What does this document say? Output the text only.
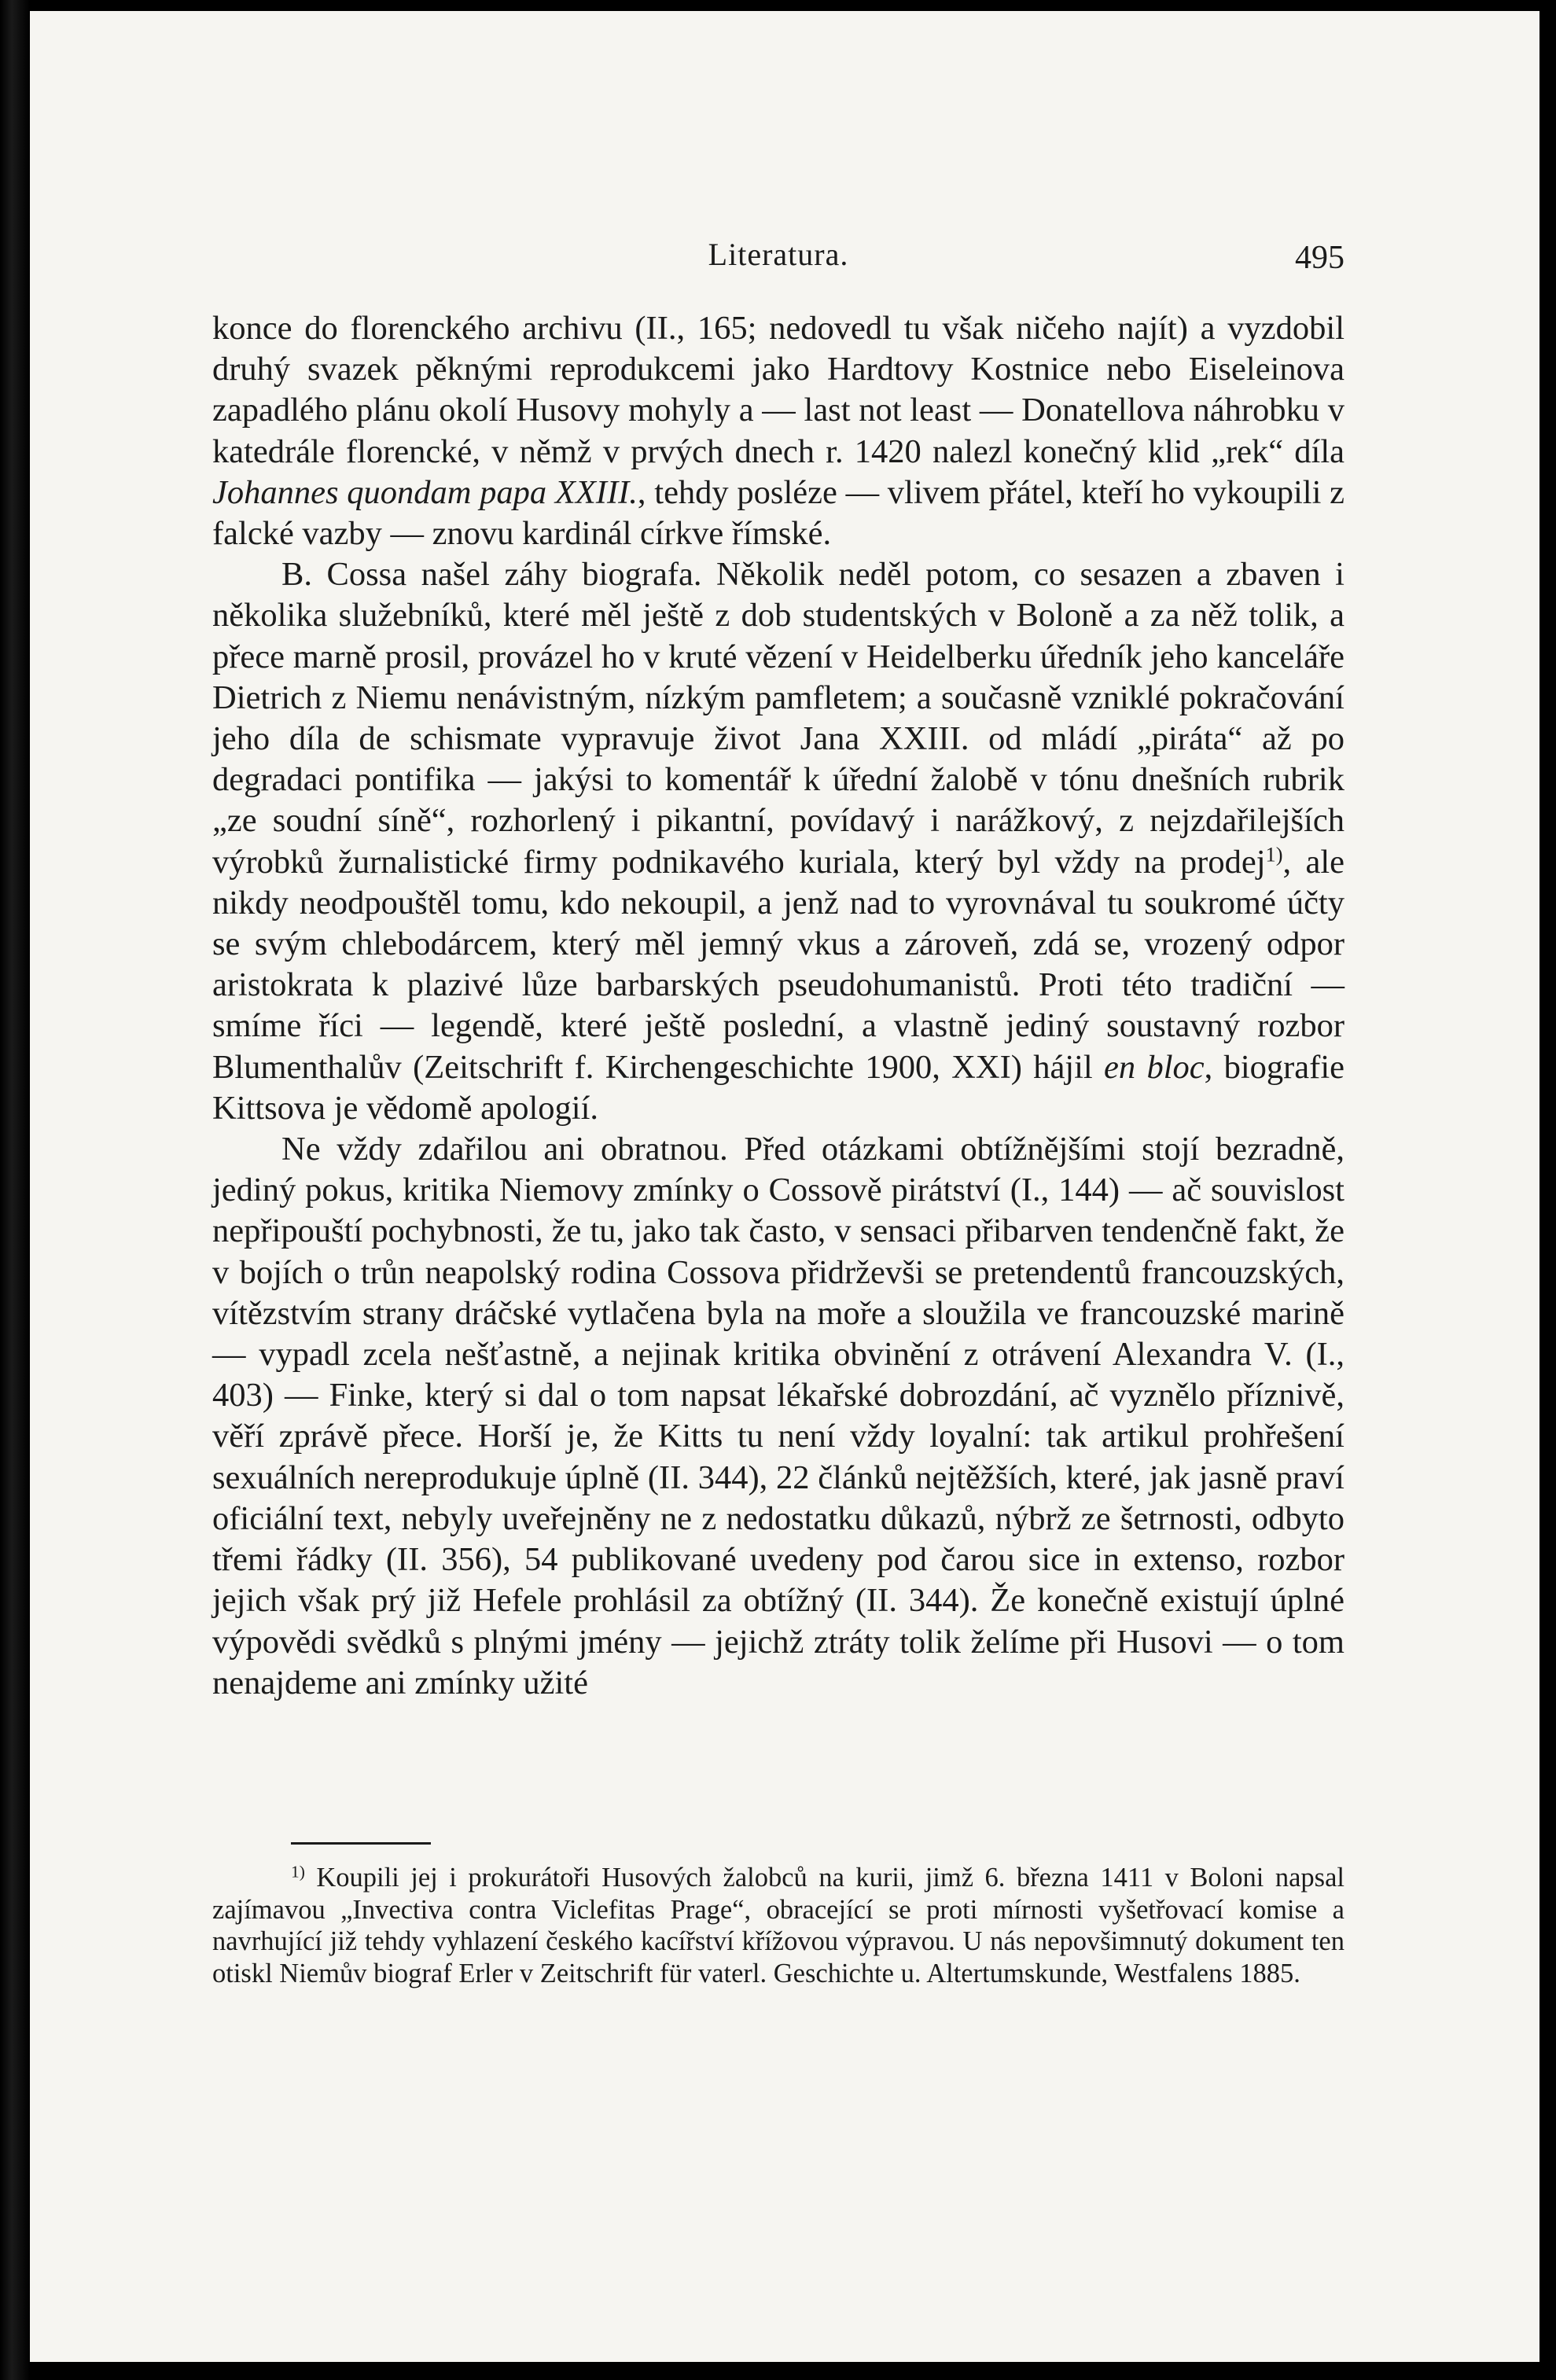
Literatura.	495

konce do florenckého archivu (II., 165; nedovedl tu však ničeho najít) a vyzdobil druhý svazek pěknými reprodukcemi jako Hardtovy Kostnice nebo Eiseleinova zapadlého plánu okolí Husovy mohyly a — last not least — Donatellova náhrobku v katedrále florencké, v němž v prvých dnech r. 1420 nalezl konečný klid „rek“ díla Johannes quondam papa XXIII., tehdy posléze — vlivem přátel, kteří ho vykoupili z falcké vazby — znovu kardinál církve římské.

B. Cossa našel záhy biografa. Několik neděl potom, co sesazen a zbaven i několika služebníků, které měl ještě z dob studentských v Boloně a za něž tolik, a přece marně prosil, provázel ho v kruté vězení v Heidelberku úředník jeho kanceláře Dietrich z Niemu nenávistným, nízkým pamfletem; a současně vzniklé pokračování jeho díla de schismate vypravuje život Jana XXIII. od mládí „piráta“ až po degradaci pontifika — jakýsi to komentář k úřední žalobě v tónu dnešních rubrik „ze soudní síně“, rozhorlený i pikantní, povídavý i narážkový, z nejzdařilejších výrobků žurnalistické firmy podnikavého kuriala, který byl vždy na prodej$^{1)}$, ale nikdy neodpouštěl tomu, kdo nekoupil, a jenž nad to vyrovnával tu soukromé účty se svým chlebodárcem, který měl jemný vkus a zároveň, zdá se, vrozený odpor aristokrata k plazivé lůze barbarských pseudohumanistů. Proti této tradiční — smíme říci — legendě, které ještě poslední, a vlastně jediný soustavný rozbor Blumenthalův (Zeitschrift f. Kirchengeschichte 1900, XXI) hájil en bloc, biografie Kittsova je vědomě apologií.

Ne vždy zdařilou ani obratnou. Před otázkami obtížnějšími stojí bezradně, jediný pokus, kritika Niemovy zmínky o Cossově pirátství (I., 144) — ač souvislost nepřipouští pochybnosti, že tu, jako tak často, v sensaci přibarven tendenčně fakt, že v bojích o trůn neapolský rodina Cossova přidrževši se pretendentů francouzských, vítězstvím strany dráčské vytlačena byla na moře a sloužila ve francouzské marině — vypadl zcela nešťastně, a nejinak kritika obvinění z otrávení Alexandra V. (I., 403) — Finke, který si dal o tom napsat lékařské dobrozdání, ač vyznělo příznivě, věří zprávě přece. Horší je, že Kitts tu není vždy loyalní: tak artikul prohřešení sexuálních nereprodukuje úplně (II. 344), 22 článků nejtěžších, které, jak jasně praví oficiální text, nebyly uveřejněny ne z nedostatku důkazů, nýbrž ze šetrnosti, odbyto třemi řádky (II. 356), 54 publikované uvedeny pod čarou sice in extenso, rozbor jejich však prý již Hefele prohlásil za obtížný (II. 344). Že konečně existují úplné výpovědi svědků s plnými jmény — jejichž ztráty tolik želíme při Husovi — o tom nenajdeme ani zmínky užité

$^{1)}$ Koupili jej i prokurátoři Husových žalobců na kurii, jimž 6. března 1411 v Boloni napsal zajímavou „Invectiva contra Viclefitas Prage“, obracející se proti mírnosti vyšetřovací komise a navrhující již tehdy vyhlazení českého kacířství křížovou výpravou. U nás nepovšimnutý dokument ten otiskl Niemův biograf Erler v Zeitschrift für vaterl. Geschichte u. Altertumskunde, Westfalens 1885.
